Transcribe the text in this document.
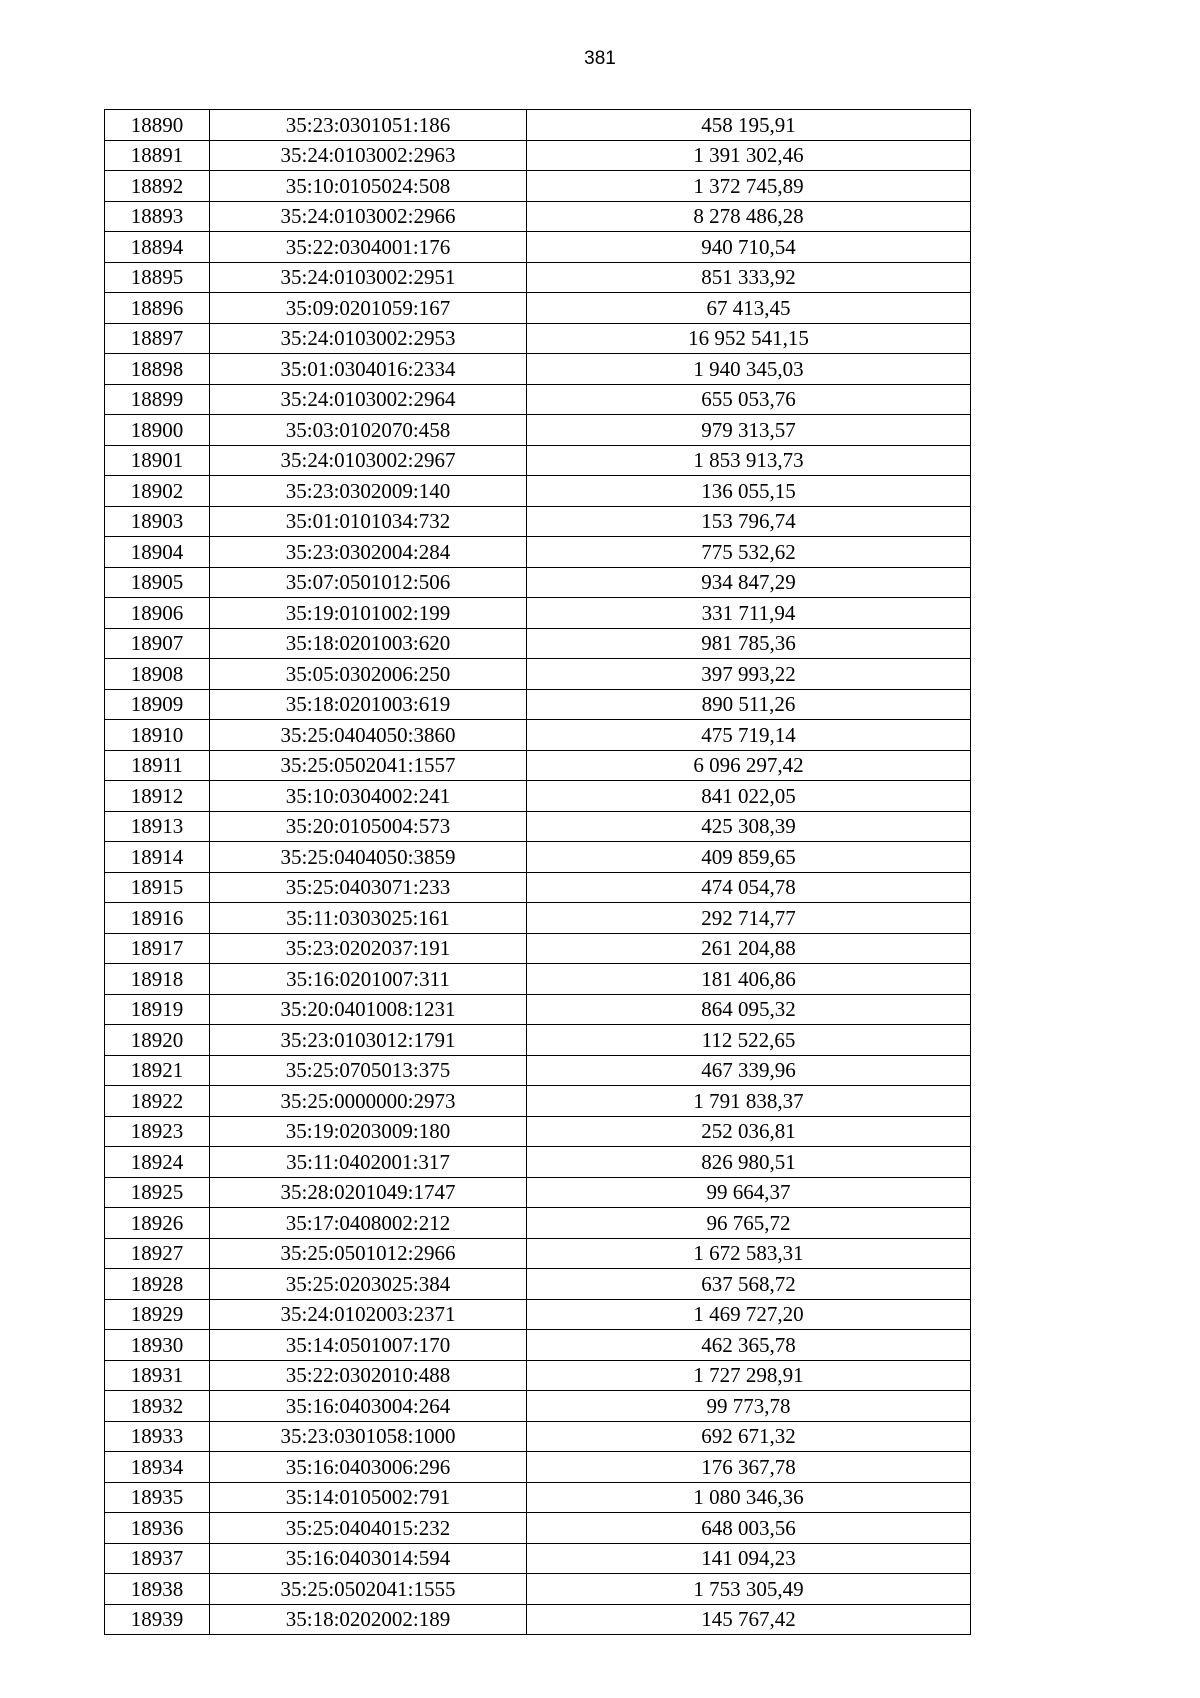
381
18890	35:23:0301051:186	458 195,91
18891	35:24:0103002:2963	1 391 302,46
18892	35:10:0105024:508	1 372 745,89
18893	35:24:0103002:2966	8 278 486,28
18894	35:22:0304001:176	940 710,54
18895	35:24:0103002:2951	851 333,92
18896	35:09:0201059:167	67 413,45
18897	35:24:0103002:2953	16 952 541,15
18898	35:01:0304016:2334	1 940 345,03
18899	35:24:0103002:2964	655 053,76
18900	35:03:0102070:458	979 313,57
18901	35:24:0103002:2967	1 853 913,73
18902	35:23:0302009:140	136 055,15
18903	35:01:0101034:732	153 796,74
18904	35:23:0302004:284	775 532,62
18905	35:07:0501012:506	934 847,29
18906	35:19:0101002:199	331 711,94
18907	35:18:0201003:620	981 785,36
18908	35:05:0302006:250	397 993,22
18909	35:18:0201003:619	890 511,26
18910	35:25:0404050:3860	475 719,14
18911	35:25:0502041:1557	6 096 297,42
18912	35:10:0304002:241	841 022,05
18913	35:20:0105004:573	425 308,39
18914	35:25:0404050:3859	409 859,65
18915	35:25:0403071:233	474 054,78
18916	35:11:0303025:161	292 714,77
18917	35:23:0202037:191	261 204,88
18918	35:16:0201007:311	181 406,86
18919	35:20:0401008:1231	864 095,32
18920	35:23:0103012:1791	112 522,65
18921	35:25:0705013:375	467 339,96
18922	35:25:0000000:2973	1 791 838,37
18923	35:19:0203009:180	252 036,81
18924	35:11:0402001:317	826 980,51
18925	35:28:0201049:1747	99 664,37
18926	35:17:0408002:212	96 765,72
18927	35:25:0501012:2966	1 672 583,31
18928	35:25:0203025:384	637 568,72
18929	35:24:0102003:2371	1 469 727,20
18930	35:14:0501007:170	462 365,78
18931	35:22:0302010:488	1 727 298,91
18932	35:16:0403004:264	99 773,78
18933	35:23:0301058:1000	692 671,32
18934	35:16:0403006:296	176 367,78
18935	35:14:0105002:791	1 080 346,36
18936	35:25:0404015:232	648 003,56
18937	35:16:0403014:594	141 094,23
18938	35:25:0502041:1555	1 753 305,49
18939	35:18:0202002:189	145 767,42
